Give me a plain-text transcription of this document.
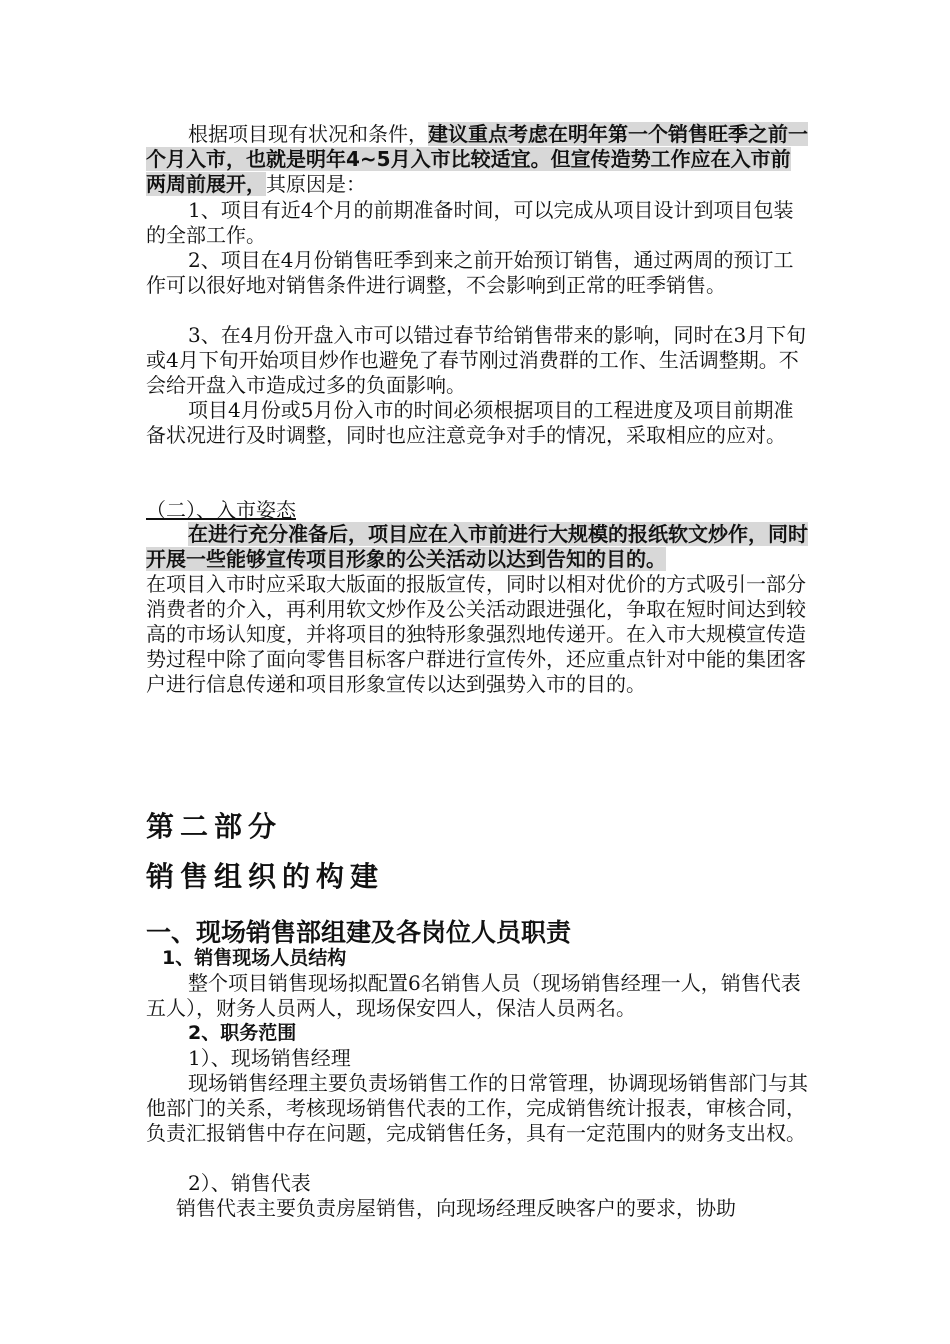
根据项目现有状况和条件，建议重点考虑在明年第一个销售旺季之前一个月入市，也就是明年4~5月入市比较适宜。但宣传造势工作应在入市前两周前展开，其原因是：
1、项目有近4个月的前期准备时间，可以完成从项目设计到项目包装的全部工作。
2、项目在4月份销售旺季到来之前开始预订销售，通过两周的预订工作可以很好地对销售条件进行调整，不会影响到正常的旺季销售。
3、在4月份开盘入市可以错过春节给销售带来的影响，同时在3月下旬或4月下旬开始项目炒作也避免了春节刚过消费群的工作、生活调整期。不会给开盘入市造成过多的负面影响。
项目4月份或5月份入市的时间必须根据项目的工程进度及项目前期准备状况进行及时调整，同时也应注意竞争对手的情况，采取相应的应对。
（二）、入市姿态
在进行充分准备后，项目应在入市前进行大规模的报纸软文炒作，同时开展一些能够宣传项目形象的公关活动以达到告知的目的。
在项目入市时应采取大版面的报版宣传，同时以相对优价的方式吸引一部分消费者的介入，再利用软文炒作及公关活动跟进强化，争取在短时间达到较高的市场认知度，并将项目的独特形象强烈地传递开。在入市大规模宣传造势过程中除了面向零售目标客户群进行宣传外，还应重点针对中能的集团客户进行信息传递和项目形象宣传以达到强势入市的目的。
第二部分
销售组织的构建
一、现场销售部组建及各岗位人员职责
1、销售现场人员结构
整个项目销售现场拟配置6名销售人员（现场销售经理一人，销售代表五人），财务人员两人，现场保安四人，保洁人员两名。
2、职务范围
1）、现场销售经理
现场销售经理主要负责场销售工作的日常管理，协调现场销售部门与其他部门的关系，考核现场销售代表的工作，完成销售统计报表，审核合同，负责汇报销售中存在问题，完成销售任务，具有一定范围内的财务支出权。
2）、销售代表
销售代表主要负责房屋销售，向现场经理反映客户的要求，协助
